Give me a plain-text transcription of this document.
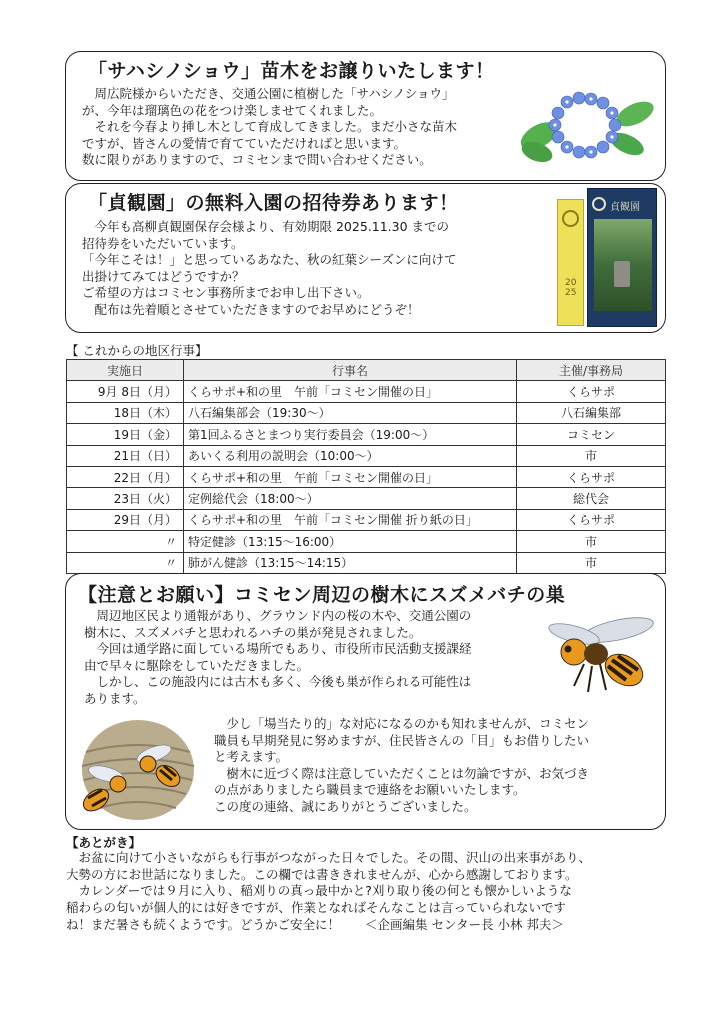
「サハシノショウ」苗木をお譲りいたします！

　周広院様からいただき、交通公園に植樹した「サハシノショウ」

が、今年は瑠璃色の花をつけ楽しませてくれました。

　それを今春より挿し木として育成してきました。まだ小さな苗木

ですが、皆さんの愛情で育てていただければと思います。

数に限りがありますので、コミセンまで問い合わせください。

「貞観園」の無料入園の招待券あります！

　今年も高柳貞観園保存会様より、有効期限 2025.11.30 までの

招待券をいただいています。

「今年こそは！」と思っているあなた、秋の紅葉シーズンに向けて

出掛けてみてはどうですか？

ご希望の方はコミセン事務所までお申し出下さい。

　配布は先着順とさせていただきますのでお早めにどうぞ！

2025
貞観園
【 これからの地区行事】
実施日	行事名	主催/事務局
9月 8日（月）	くらサポ+和の里　午前「コミセン開催の日」	くらサポ
18日（木）	八石編集部会（19:30～）	八石編集部
19日（金）	第1回ふるさとまつり実行委員会（19:00～）	コミセン
21日（日）	あいくる利用の説明会（10:00～）	市
22日（月）	くらサポ+和の里　午前「コミセン開催の日」	くらサポ
23日（火）	定例総代会（18:00～）	総代会
29日（月）	くらサポ+和の里　午前「コミセン開催 折り紙の日」	くらサポ
〃	特定健診（13:15～16:00）	市
〃	肺がん健診（13:15～14:15）	市
【注意とお願い】コミセン周辺の樹木にスズメバチの巣

　周辺地区民より通報があり、グラウンド内の桜の木や、交通公園の

樹木に、スズメバチと思われるハチの巣が発見されました。

　今回は通学路に面している場所でもあり、市役所市民活動支援課経

由で早々に駆除をしていただきました。

　しかし、この施設内には古木も多く、今後も巣が作られる可能性は

あります。

　少し「場当たり的」な対応になるのかも知れませんが、コミセン

職員も早期発見に努めますが、住民皆さんの「目」もお借りしたい

と考えます。

　樹木に近づく際は注意していただくことは勿論ですが、お気づき

の点がありましたら職員まで連絡をお願いいたします。

この度の連絡、誠にありがとうございました。

【あとがき】

　お盆に向けて小さいながらも行事がつながった日々でした。その間、沢山の出来事があり、

大勢の方にお世話になりました。この欄では書ききれませんが、心から感謝しております。

　カレンダーでは９月に入り、稲刈りの真っ最中かと?刈り取り後の何とも懐かしいような

稲わらの匂いが個人的には好きですが、作業となればそんなことは言っていられないです

ね！まだ暑さも続くようです。どうかご安全に！　　＜企画編集 センター長 小林 邦夫＞
